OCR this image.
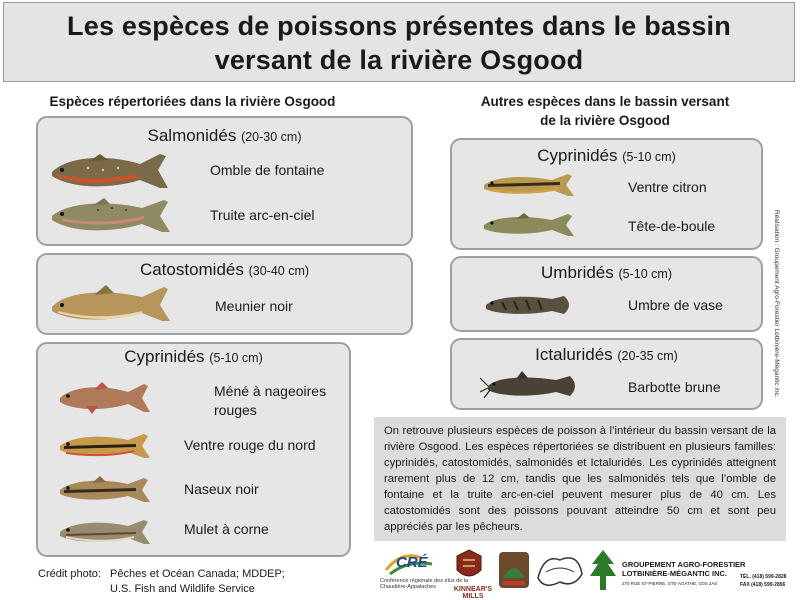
Les espèces de poissons présentes dans le bassin
versant de la rivière Osgood
Espèces répertoriées dans la rivière Osgood	Autres espèces dans le bassin versant
de la rivière Osgood
Salmonidés (20-30 cm)
Omble de fontaine
Truite arc-en-ciel
Catostomidés (30-40 cm)
Meunier noir
Cyprinidés (5-10 cm)
Méné à nageoires rouges
Ventre rouge du nord
Naseux noir
Mulet à corne
Cyprinidés (5-10 cm)
Ventre citron
Tête-de-boule
Umbridés (5-10 cm)
Umbre de vase
Ictaluridés (20-35 cm)
Barbotte brune
On retrouve plusieurs espèces de poisson à l’intérieur du bassin versant de la rivière Osgood. Les espèces répertoriées se distribuent en plusieurs familles: cyprinidés, catostomidés, salmonidés et Ictaluridés. Les cyprinidés atteignent rarement plus de 12 cm, tandis que les salmonidés tels que l’omble de fontaine et la truite arc-en-ciel peuvent mesurer plus de 40 cm. Les catostomidés sont des poissons pouvant atteindre 50 cm et sont peu appréciés par les pêcheurs.
Crédit photo: Pêches et Océan Canada; MDDEP;
U.S. Fish and Wildlife Service
Réalisation : Groupement Agro-Forestier Lotbinière-Mégantic inc.
CRÉ
Conférence régionale des élus de la Chaudière-Appalaches	KINNEAR'S MILLS
GROUPEMENT AGRO-FORESTIER
LOTBINIÈRE-MÉGANTIC INC.
270 RUE ST-PIERRE, STE-AGATHE, G0S 2A0
TÉL. (418) 599-2828
FAX (418) 599-2856
